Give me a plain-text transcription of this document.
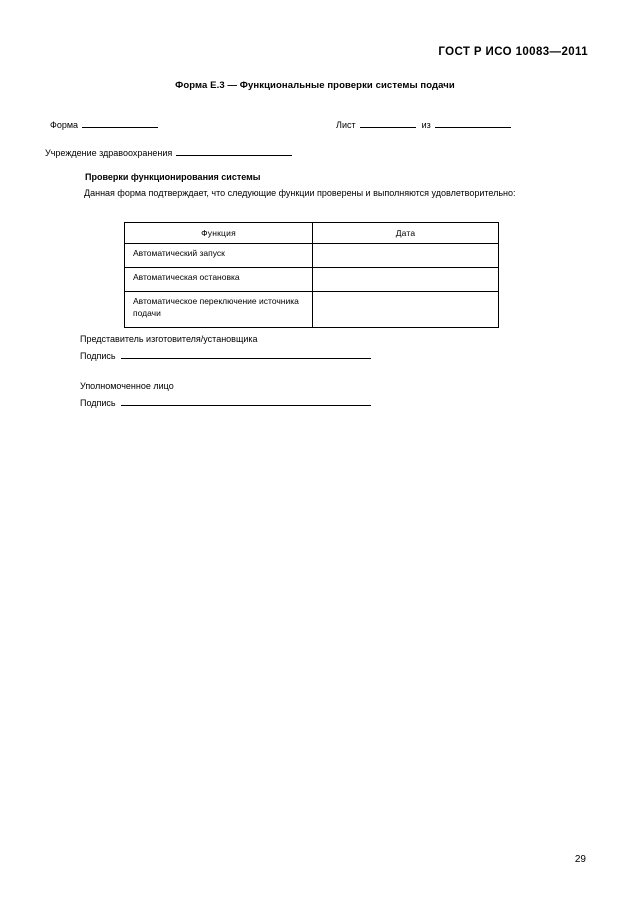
ГОСТ Р ИСО 10083—2011
Форма Е.3 — Функциональные проверки системы подачи
Форма	Лист	из
Учреждение здравоохранения
Проверки функционирования системы
Данная форма подтверждает, что следующие функции проверены и выполняются удовлетворительно:
Функция	Дата
Автоматический запуск	
Автоматическая остановка	
Автоматическое переключение источника подачи	
Представитель изготовителя/установщика
Подпись
Уполномоченное лицо
Подпись
29
